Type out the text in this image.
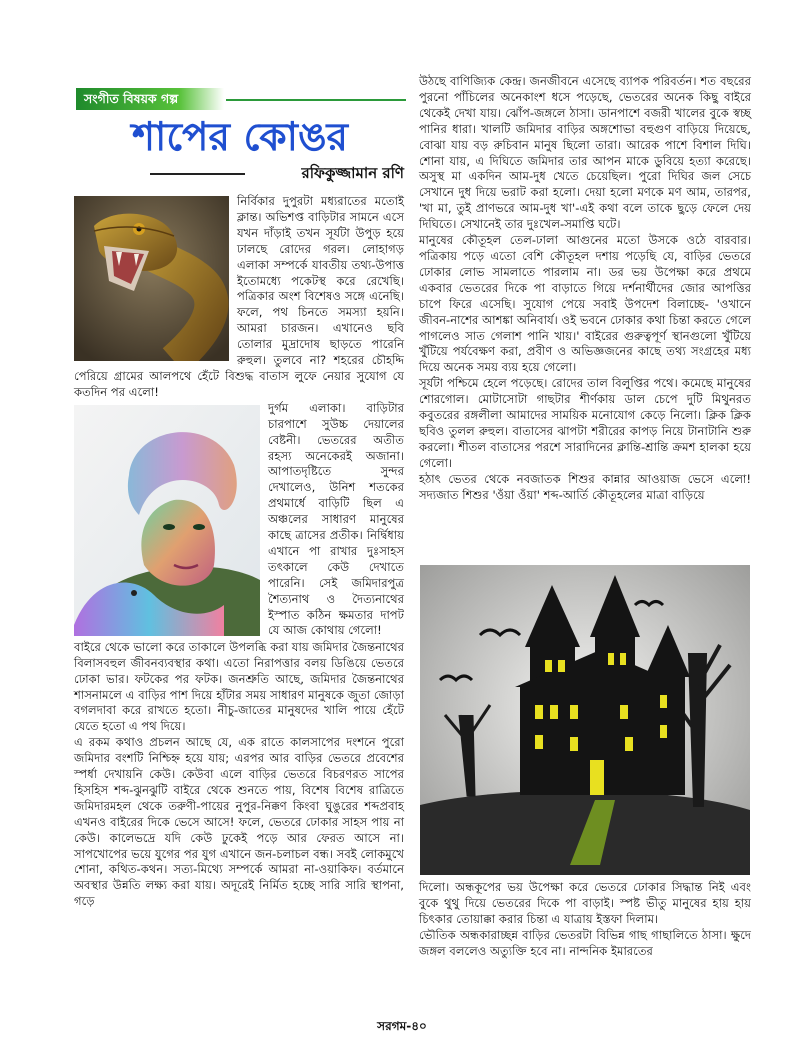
সংগীত বিষয়ক গল্প
শাপের কোঙর
রফিকুজ্জামান রণি

নির্বিকার দুপুরটা মধ্যরাতের মতোই ক্লান্ত। অভিশপ্ত বাড়িটার সামনে এসে যখন দাঁড়াই তখন সূর্যটা উপুড় হয়ে ঢালছে রোদের গরল। লোহাগড় এলাকা সম্পর্কে যাবতীয় তথ্য-উপাত্ত ইতোমধ্যে পকেটস্থ করে রেখেছি। পত্রিকার অংশ বিশেষও সঙ্গে এনেছি। ফলে, পথ চিনতে সমস্যা হয়নি। আমরা চারজন। এখানেও ছবি তোলার মুদ্রাদোষ ছাড়তে পারেনি রুহুল। তুলবে না? শহরের চৌহদ্দি পেরিয়ে গ্রামের আলপথে হেঁটে বিশুদ্ধ বাতাস লুফে নেয়ার সুযোগ যে কতদিন পর এলো!

দুর্গম এলাকা। বাড়িটার চারপাশে সুউচ্চ দেয়ালের বেষ্টনী। ভেতরের অতীত রহস্য অনেকেরই অজানা। আপাতদৃষ্টিতে সুন্দর দেখালেও, উনিশ শতকের প্রথমার্ধে বাড়িটি ছিল এ অঞ্চলের সাধারণ মানুষের কাছে ত্রাসের প্রতীক। নির্দ্বিধায় এখানে পা রাখার দুঃসাহস তৎকালে কেউ দেখাতে পারেনি। সেই জমিদারপুত্র শৈত্যনাথ ও দৈত্যনাথের ইস্পাত কঠিন ক্ষমতার দাপট যে আজ কোথায় গেলো!

বাইরে থেকে ভালো করে তাকালে উপলব্ধি করা যায় জমিদার জৈন্তনাথের বিলাসবহুল জীবনব্যবস্থার কথা। এতো নিরাপত্তার বলয় ডিঙিয়ে ভেতরে ঢোকা ভার। ফটকের পর ফটক। জনশ্রুতি আছে, জমিদার জৈন্তনাথের শাসনামলে এ বাড়ির পাশ দিয়ে হাঁটার সময় সাধারণ মানুষকে জুতা জোড়া বগলদাবা করে রাখতে হতো। নীচু-জাতের মানুষদের খালি পায়ে হেঁটে যেতে হতো এ পথ দিয়ে।

এ রকম কথাও প্রচলন আছে যে, এক রাতে কালসাপের দংশনে পুরো জমিদার বংশটি নিশ্চিহ্ন হয়ে যায়; এরপর আর বাড়ির ভেতরে প্রবেশের স্পর্ধা দেখায়নি কেউ। কেউবা এলে বাড়ির ভেতরে বিচরণরত সাপের হিসহিস শব্দ-ঝুনঝুটি বাইরে থেকে শুনতে পায়, বিশেষ বিশেষ রাত্রিতে জমিদারমহল থেকে তরুণী-পায়ের নুপুর-নিক্কণ কিংবা ঘুঙুরের শব্দপ্রবাহ এখনও বাইরের দিকে ভেসে আসে! ফলে, ভেতরে ঢোকার সাহস পায় না কেউ। কালেভদ্রে যদি কেউ ঢুকেই পড়ে আর ফেরত আসে না। সাপখোপের ভয়ে যুগের পর যুগ এখানে জন-চলাচল বন্ধ। সবই লোকমুখে শোনা, কথিত-কথন। সত্য-মিথ্যে সম্পর্কে আমরা না-ওয়াকিফ। বর্তমানে অবস্থার উন্নতি লক্ষ্য করা যায়। অদূরেই নির্মিত হচ্ছে সারি সারি স্থাপনা, গড়ে

উঠছে বাণিজ্যিক কেন্দ্র। জনজীবনে এসেছে ব্যাপক পরিবর্তন। শত বছরের পুরনো পাঁচিলের অনেকাংশ ধসে পড়েছে, ভেতরের অনেক কিছু বাইরে থেকেই দেখা যায়। ঝোঁপ-জঙ্গলে ঠাসা। ডানপাশে বজরী খালের বুকে স্বচ্ছ পানির ধারা। খালটি জমিদার বাড়ির অঙ্গশোভা বহুগুণ বাড়িয়ে দিয়েছে, বোঝা যায় বড় রুচিবান মানুষ ছিলো তারা। আরেক পাশে বিশাল দিঘি। শোনা যায়, এ দিঘিতে জমিদার তার আপন মাকে ডুবিয়ে হত্যা করেছে। অসুস্থ মা একদিন আম-দুধ খেতে চেয়েছিল। পুরো দিঘির জল সেচে সেখানে দুধ দিয়ে ভরাট করা হলো। দেয়া হলো মণকে মণ আম, তারপর, 'খা মা, তুই প্রাণভরে আম-দুধ খা'-এই কথা বলে তাকে ছুড়ে ফেলে দেয় দিঘিতে। সেখানেই তার দুঃখেল-সমাপ্তি ঘটে।

মানুষের কৌতূহল তেল-ঢালা আগুনের মতো উসকে ওঠে বারবার। পত্রিকায় পড়ে এতো বেশি কৌতূহল দশায় পড়েছি যে, বাড়ির ভেতরে ঢোকার লোভ সামলাতে পারলাম না। ডর ভয় উপেক্ষা করে প্রথমে একবার ভেতরের দিকে পা বাড়াতে গিয়ে দর্শনার্থীদের জোর আপত্তির চাপে ফিরে এসেছি। সুযোগ পেয়ে সবাই উপদেশ বিলাচ্ছে- 'ওখানে জীবন-নাশের আশঙ্কা অনিবার্য। ওই ভবনে ঢোকার কথা চিন্তা করতে গেলে পাগলেও সাত গেলাশ পানি খায়।' বাইরের গুরুত্বপূর্ণ স্থানগুলো খুঁটিয়ে খুঁটিয়ে পর্যবেক্ষণ করা, প্রবীণ ও অভিজ্ঞজনের কাছে তথ্য সংগ্রহের মধ্য দিয়ে অনেক সময় ব্যয় হয়ে গেলো।

সূর্যটা পশ্চিমে হেলে পড়েছে। রোদের তাল বিলুপ্তির পথে। কমেছে মানুষের শোরগোল। মোটাসোটা গাছটার শীর্ণকায় ডাল চেপে দুটি মিথুনরত কবুতরের রঙ্গলীলা আমাদের সাময়িক মনোযোগ কেড়ে নিলো। ক্লিক ক্লিক ছবিও তুলল রুহুল। বাতাসের ঝাপটা শরীরের কাপড় নিয়ে টানাটানি শুরু করলো। শীতল বাতাসের পরশে সারাদিনের ক্লান্তি-শ্রান্তি ক্রমশ হালকা হয়ে গেলো।

হঠাৎ ভেতর থেকে নবজাতক শিশুর কান্নার আওয়াজ ভেসে এলো! সদ্যজাত শিশুর 'ওঁয়া ওঁয়া' শব্দ-আর্তি কৌতূহলের মাত্রা বাড়িয়ে

দিলো। অন্ধকূপের ভয় উপেক্ষা করে ভেতরে ঢোকার সিদ্ধান্ত নিই এবং বুকে থুথু দিয়ে ভেতরের দিকে পা বাড়াই। স্পষ্ট ভীতু মানুষের হায় হায় চিৎকার তোয়াক্কা করার চিন্তা এ যাত্রায় ইস্তফা দিলাম।

ভৌতিক অন্ধকারাচ্ছন্ন বাড়ির ভেতরটা বিভিন্ন গাছ গাছালিতে ঠাসা। ক্ষুদে জঙ্গল বললেও অত্যুক্তি হবে না। নান্দনিক ইমারতের

সরগম-৪০
